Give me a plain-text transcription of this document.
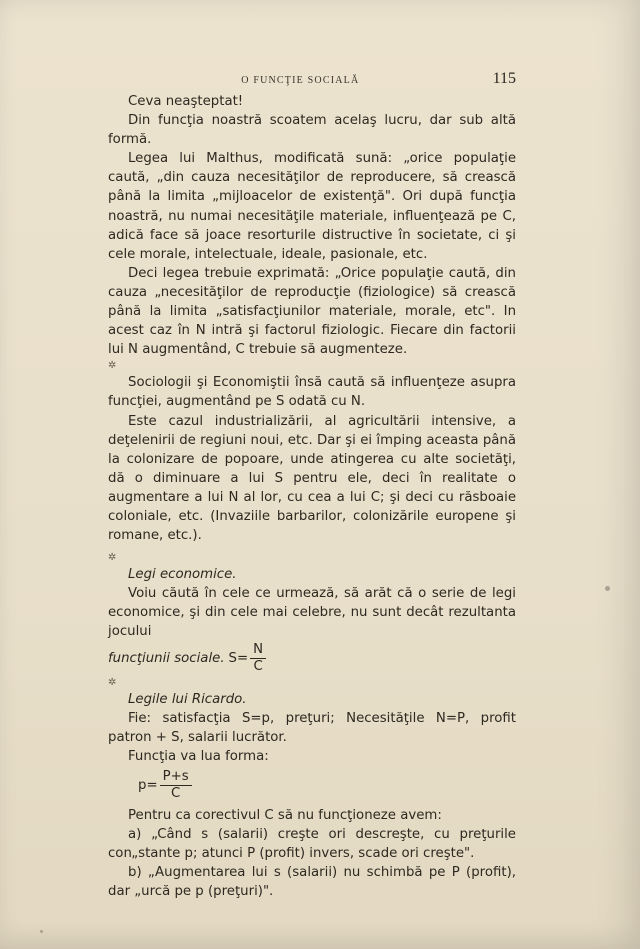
O FUNCŢIE SOCIALĂ	115

Ceva neaşteptat!

Din funcţia noastră scoatem acelaş lucru, dar sub altă formă.

Legea lui Malthus, modificată sună: „orice populaţie caută, „din cauza necesităţilor de reproducere, să crească până la limita „mijloacelor de existenţă". Ori după funcţia noastră, nu numai necesităţile materiale, influenţează pe C, adică face să joace resorturile distructive în societate, ci şi cele morale, intelectuale, ideale, pasionale, etc.

Deci legea trebuie exprimată: „Orice populaţie caută, din cauza „necesităţilor de reproducţie (fiziologice) să crească până la limita „satisfacţiunilor materiale, morale, etc". In acest caz în N intră şi factorul fiziologic. Fiecare din factorii lui N augmentând, C trebuie să augmenteze.

✲

Sociologii şi Economiştii însă caută să influenţeze asupra funcţiei, augmentând pe S odată cu N.

Este cazul industrializării, al agricultării intensive, a deţelenirii de regiuni noui, etc. Dar şi ei împing aceasta până la colonizare de popoare, unde atingerea cu alte societăţi, dă o diminuare a lui S pentru ele, deci în realitate o augmentare a lui N al lor, cu cea a lui C; şi deci cu răsboaie coloniale, etc. (Invaziile barbarilor, colonizările europene şi romane, etc.).

✲

Legi economice.

Voiu căută în cele ce urmează, să arăt că o serie de legi economice, şi din cele mai celebre, nu sunt decât rezultanta jocului

funcţiunii sociale. $S= \frac{N}{C}$

✲

Legile lui Ricardo.

Fie: satisfacţia S=p, preţuri; Necesităţile N=P, profit patron + S, salarii lucrător.

Funcţia va lua forma:

$p= \frac{P+s}{C}$

Pentru ca corectivul C să nu funcţioneze avem:

a) „Când s (salarii) creşte ori descreşte, cu preţurile con„stante p; atunci P (profit) invers, scade ori creşte".

b) „Augmentarea lui s (salarii) nu schimbă pe P (profit), dar „urcă pe p (preţuri)".
